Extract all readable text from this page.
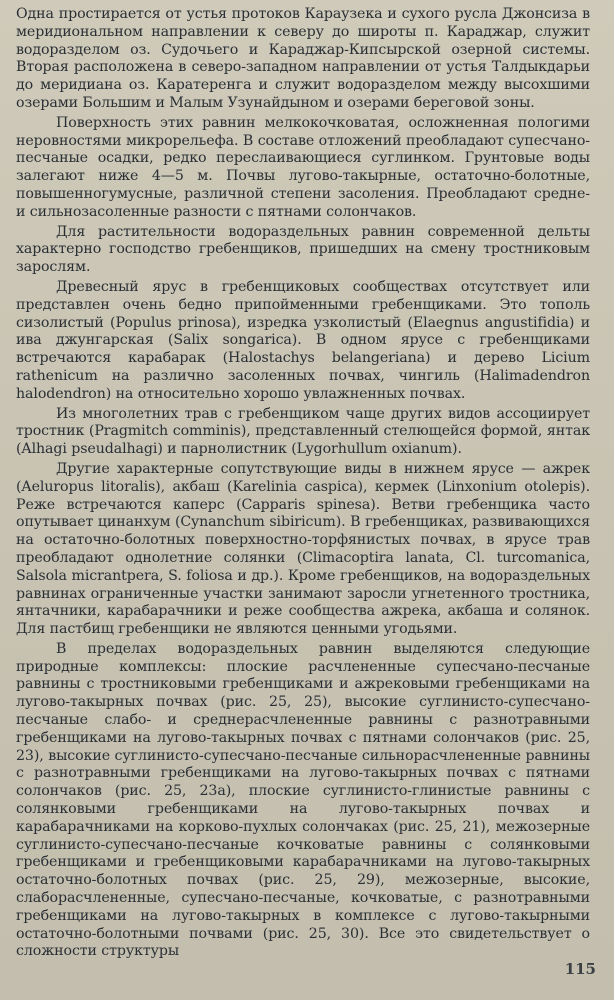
Одна простирается от устья протоков Караузека и сухого русла Джонсиза в меридиональном направлении к северу до широты п. Караджар, служит водоразделом оз. Судочьего и Караджар-Кипсырской озерной системы. Вторая расположена в северо-западном направлении от устья Талдыкдарьи до меридиана оз. Каратеренга и служит водоразделом между высохшими озерами Большим и Малым Узунайдыном и озерами береговой зоны.

Поверхность этих равнин мелкокочковатая, осложненная пологими неровностями микрорельефа. В составе отложений преобладают супесчано-песчаные осадки, редко переслаивающиеся суглинком. Грунтовые воды залегают ниже 4—5 м. Почвы лугово-такырные, остаточно-болотные, повышенногумусные, различной степени засоления. Преобладают средне- и сильнозасоленные разности с пятнами солончаков.

Для растительности водораздельных равнин современной дельты характерно господство гребенщиков, пришедших на смену тростниковым зарослям.

Древесный ярус в гребенщиковых сообществах отсутствует или представлен очень бедно припойменными гребенщиками. Это тополь сизолистый (Populus prinosa), изредка узколистый (Elaegnus angustifidia) и ива джунгарская (Salix songarica). В одном ярусе с гребенщиками встречаются карабарак (Halostachys belangeriana) и дерево Licium rathenicum на различно засоленных почвах, чингиль (Halimadendron halodendron) на относительно хорошо увлажненных почвах.

Из многолетних трав с гребенщиком чаще других видов ассоциирует тростник (Pragmitch comminis), представленный стелющейся формой, янтак (Alhagi pseudalhagi) и парнолистник (Lygorhullum oxianum).

Другие характерные сопутствующие виды в нижнем ярусе — ажрек (Aeluropus litoralis), акбаш (Karelinia caspica), кермек (Linxonium otolepis). Реже встречаются каперс (Capparis spinesa). Ветви гребенщика часто опутывает цинанхум (Cynanchum sibiricum). В гребенщиках, развивающихся на остаточно-болотных поверхностно-торфянистых почвах, в ярусе трав преобладают однолетние солянки (Climacoptira lanata, Cl. turcomanica, Salsola micrantpera, S. foliosa и др.). Кроме гребенщиков, на водораздельных равнинах ограниченные участки занимают заросли угнетенного тростника, янтачники, карабарачники и реже сообщества ажрека, акбаша и солянок. Для пастбищ гребенщики не являются ценными угодьями.

В пределах водораздельных равнин выделяются следующие природные комплексы: плоские расчлененные супесчано-песчаные равнины с тростниковыми гребенщиками и ажрековыми гребенщиками на лугово-такырных почвах (рис. 25, 25), высокие суглинисто-супесчано-песчаные слабо- и среднерасчлененные равнины с разнотравными гребенщиками на лугово-такырных почвах с пятнами солончаков (рис. 25, 23), высокие суглинисто-супесчано-песчаные сильнорасчлененные равнины с разнотравными гребенщиками на лугово-такырных почвах с пятнами солончаков (рис. 25, 23а), плоские суглинисто-глинистые равнины с солянковыми гребенщиками на лугово-такырных почвах и карабарачниками на корково-пухлых солончаках (рис. 25, 21), межозерные суглинисто-супесчано-песчаные кочковатые равнины с солянковыми гребенщиками и гребенщиковыми карабарачниками на лугово-такырных остаточно-болотных почвах (рис. 25, 29), межозерные, высокие, слаборасчлененные, супесчано-песчаные, кочковатые, с разнотравными гребенщиками на лугово-такырных в комплексе с лугово-такырными остаточно-болотными почвами (рис. 25, 30). Все это свидетельствует о сложности структуры

115
